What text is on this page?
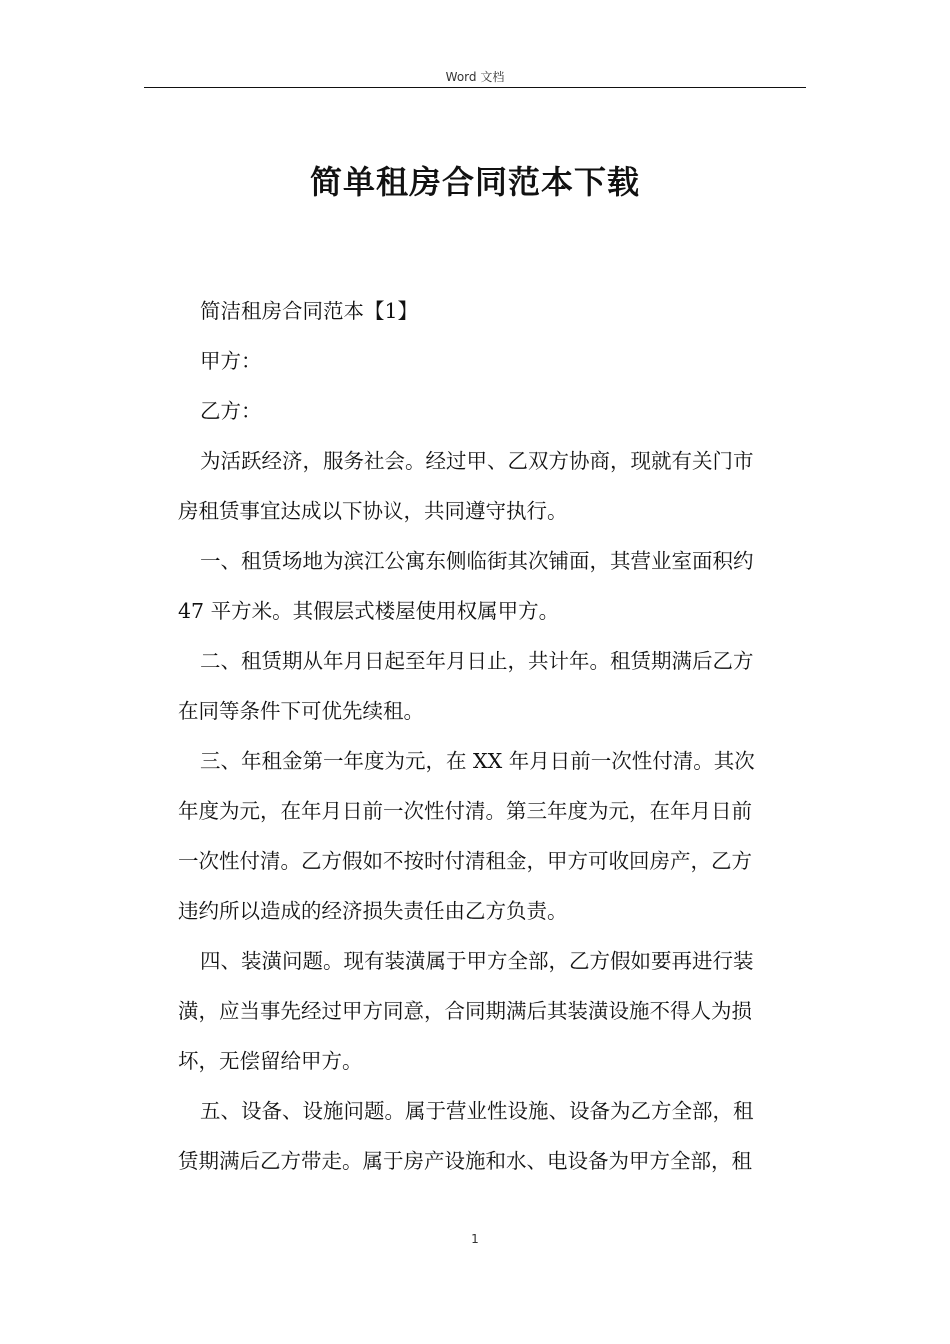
Word 文档
简单租房合同范本下载
简洁租房合同范本【1】
甲方：
乙方：
为活跃经济，服务社会。经过甲、乙双方协商，现就有关门市
房租赁事宜达成以下协议，共同遵守执行。
一、租赁场地为滨江公寓东侧临街其次铺面，其营业室面积约
47 平方米。其假层式楼屋使用权属甲方。
二、租赁期从年月日起至年月日止，共计年。租赁期满后乙方
在同等条件下可优先续租。
三、年租金第一年度为元，在 XX 年月日前一次性付清。其次
年度为元，在年月日前一次性付清。第三年度为元，在年月日前
一次性付清。乙方假如不按时付清租金，甲方可收回房产，乙方
违约所以造成的经济损失责任由乙方负责。
四、装潢问题。现有装潢属于甲方全部，乙方假如要再进行装
潢，应当事先经过甲方同意，合同期满后其装潢设施不得人为损
坏，无偿留给甲方。
五、设备、设施问题。属于营业性设施、设备为乙方全部，租
赁期满后乙方带走。属于房产设施和水、电设备为甲方全部，租
1
